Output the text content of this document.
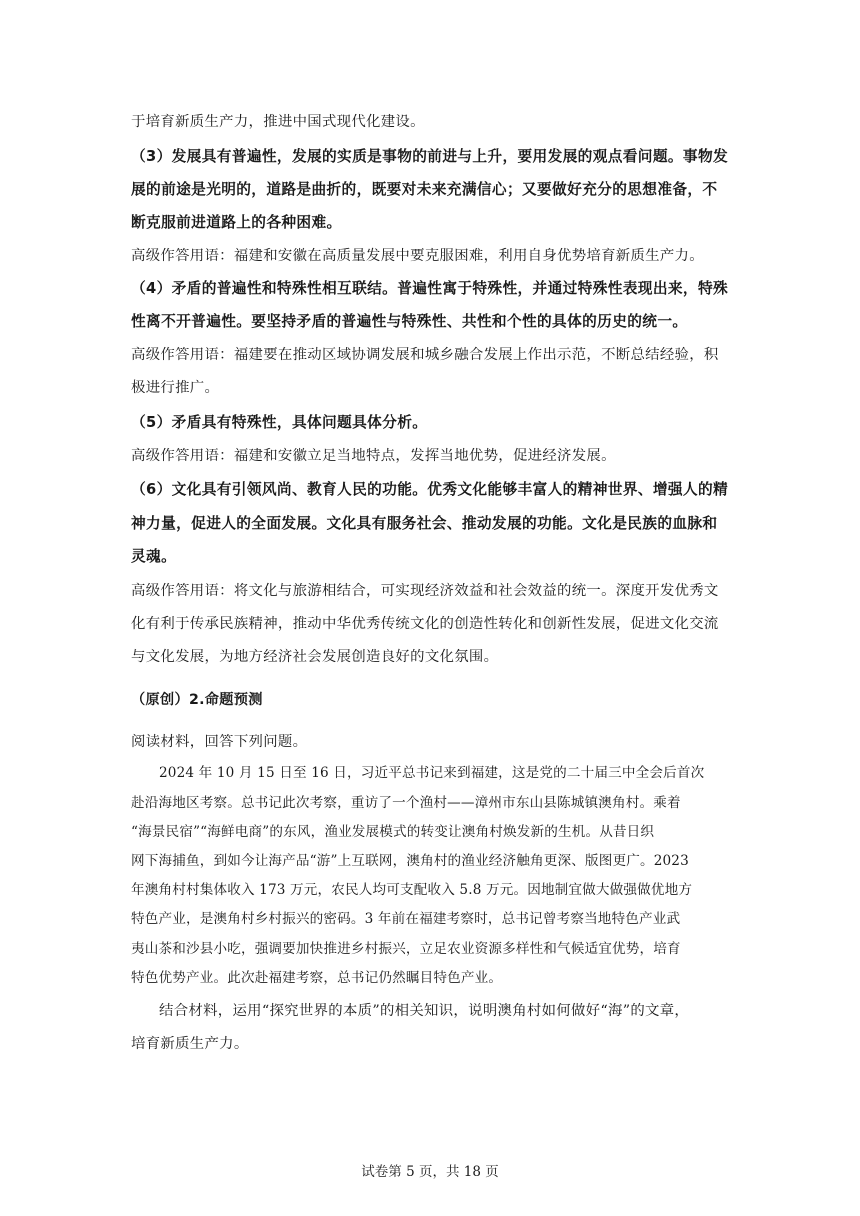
于培育新质生产力，推进中国式现代化建设。
（3）发展具有普遍性，发展的实质是事物的前进与上升，要用发展的观点看问题。事物发
展的前途是光明的，道路是曲折的，既要对未来充满信心；又要做好充分的思想准备，不
断克服前进道路上的各种困难。
高级作答用语：福建和安徽在高质量发展中要克服困难，利用自身优势培育新质生产力。
（4）矛盾的普遍性和特殊性相互联结。普遍性寓于特殊性，并通过特殊性表现出来，特殊
性离不开普遍性。要坚持矛盾的普遍性与特殊性、共性和个性的具体的历史的统一。
高级作答用语：福建要在推动区域协调发展和城乡融合发展上作出示范，不断总结经验，积
极进行推广。
（5）矛盾具有特殊性，具体问题具体分析。
高级作答用语：福建和安徽立足当地特点，发挥当地优势，促进经济发展。
（6）文化具有引领风尚、教育人民的功能。优秀文化能够丰富人的精神世界、增强人的精
神力量，促进人的全面发展。文化具有服务社会、推动发展的功能。文化是民族的血脉和
灵魂。
高级作答用语：将文化与旅游相结合，可实现经济效益和社会效益的统一。深度开发优秀文
化有利于传承民族精神，推动中华优秀传统文化的创造性转化和创新性发展，促进文化交流
与文化发展，为地方经济社会发展创造良好的文化氛围。
（原创）2.命题预测
阅读材料，回答下列问题。
2024 年 10 月 15 日至 16 日，习近平总书记来到福建，这是党的二十届三中全会后首次
赴沿海地区考察。总书记此次考察，重访了一个渔村——漳州市东山县陈城镇澳角村。乘着
“海景民宿”“海鲜电商”的东风，渔业发展模式的转变让澳角村焕发新的生机。从昔日织
网下海捕鱼，到如今让海产品“游”上互联网，澳角村的渔业经济触角更深、版图更广。2023
年澳角村村集体收入 173 万元，农民人均可支配收入 5.8 万元。因地制宜做大做强做优地方
特色产业，是澳角村乡村振兴的密码。3 年前在福建考察时，总书记曾考察当地特色产业武
夷山茶和沙县小吃，强调要加快推进乡村振兴，立足农业资源多样性和气候适宜优势，培育
特色优势产业。此次赴福建考察，总书记仍然瞩目特色产业。
结合材料，运用“探究世界的本质”的相关知识，说明澳角村如何做好“海”的文章，
培育新质生产力。
试卷第 5 页，共 18 页
